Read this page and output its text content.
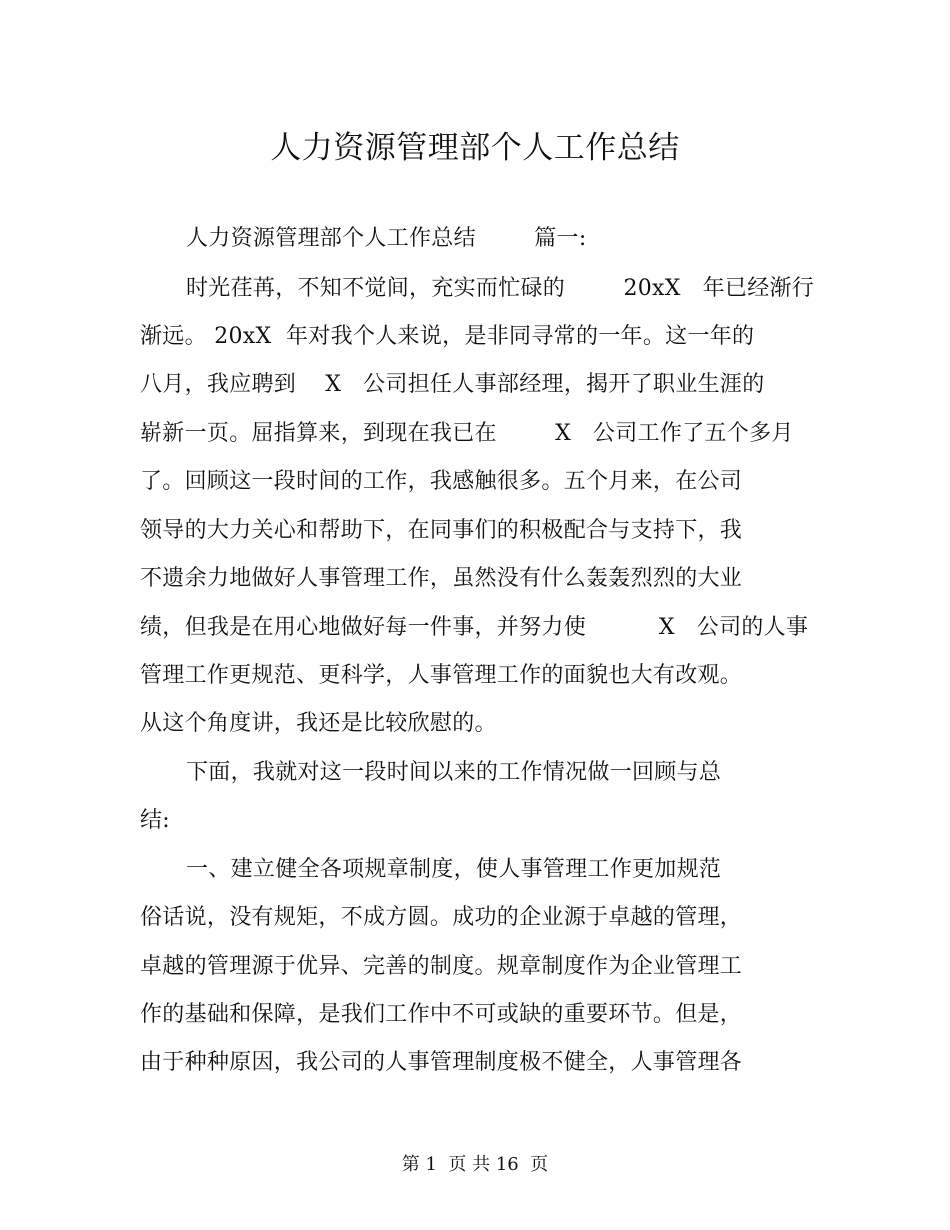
人力资源管理部个人工作总结
人力资源管理部个人工作总结        篇一:
时光荏苒，不知不觉间，充实而忙碌的        20xX   年已经渐行
渐远。 20xX  年对我个人来说，是非同寻常的一年。这一年的
八月，我应聘到    X   公司担任人事部经理，揭开了职业生涯的
崭新一页。屈指算来，到现在我已在        X   公司工作了五个多月
了。回顾这一段时间的工作，我感触很多。五个月来，在公司
领导的大力关心和帮助下，在同事们的积极配合与支持下，我
不遗余力地做好人事管理工作，虽然没有什么轰轰烈烈的大业
绩，但我是在用心地做好每一件事，并努力使          X   公司的人事
管理工作更规范、更科学，人事管理工作的面貌也大有改观。
从这个角度讲，我还是比较欣慰的。
下面，我就对这一段时间以来的工作情况做一回顾与总
结:
一、建立健全各项规章制度，使人事管理工作更加规范
俗话说，没有规矩，不成方圆。成功的企业源于卓越的管理，
卓越的管理源于优异、完善的制度。规章制度作为企业管理工
作的基础和保障，是我们工作中不可或缺的重要环节。但是，
由于种种原因，我公司的人事管理制度极不健全，人事管理各
第 1  页 共 16  页
